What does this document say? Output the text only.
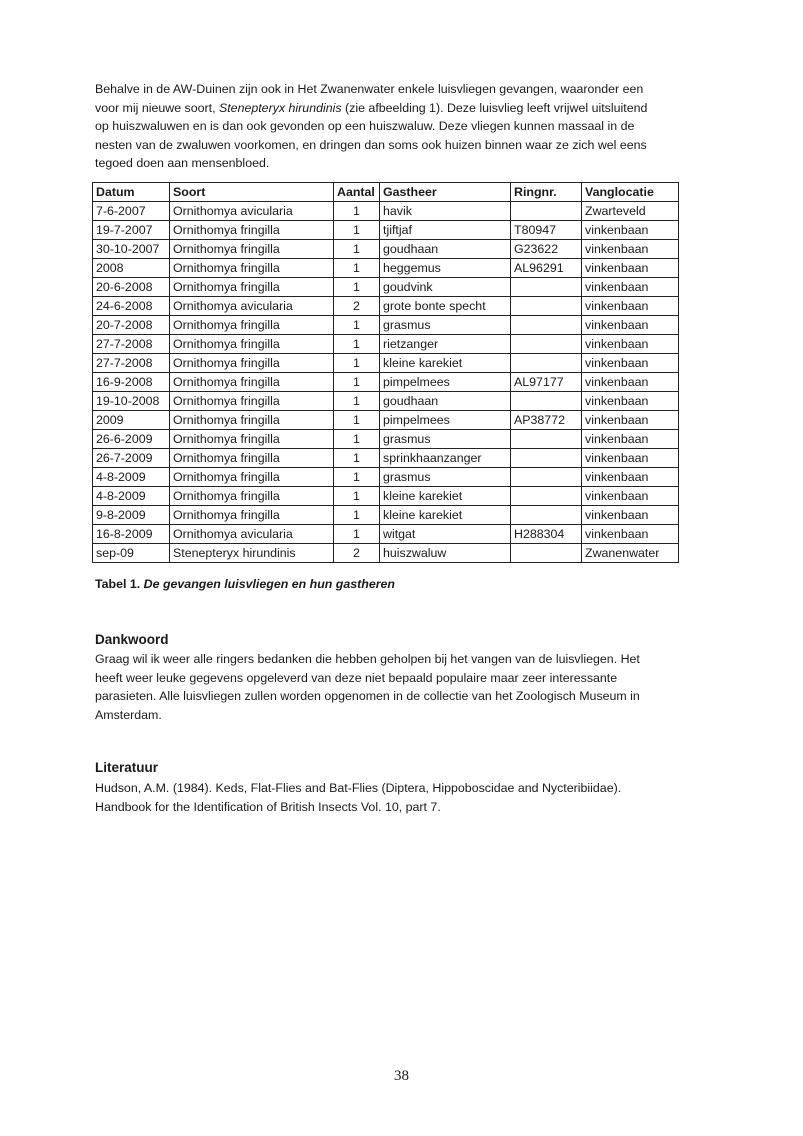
Behalve in de AW-Duinen zijn ook in Het Zwanenwater enkele luisvliegen gevangen, waaronder een
voor mij nieuwe soort, Stenepteryx hirundinis (zie afbeelding 1). Deze luisvlieg leeft vrijwel uitsluitend
op huiszwaluwen en is dan ook gevonden op een huiszwaluw. Deze vliegen kunnen massaal in de
nesten van de zwaluwen voorkomen, en dringen dan soms ook huizen binnen waar ze zich wel eens
tegoed doen aan mensenbloed.
Datum	Soort	Aantal	Gastheer	Ringnr.	Vanglocatie
7-6-2007	Ornithomya avicularia	1	havik		Zwarteveld
19-7-2007	Ornithomya fringilla	1	tjiftjaf	T80947	vinkenbaan
30-10-2007	Ornithomya fringilla	1	goudhaan	G23622	vinkenbaan
2008	Ornithomya fringilla	1	heggemus	AL96291	vinkenbaan
20-6-2008	Ornithomya fringilla	1	goudvink		vinkenbaan
24-6-2008	Ornithomya avicularia	2	grote bonte specht		vinkenbaan
20-7-2008	Ornithomya fringilla	1	grasmus		vinkenbaan
27-7-2008	Ornithomya fringilla	1	rietzanger		vinkenbaan
27-7-2008	Ornithomya fringilla	1	kleine karekiet		vinkenbaan
16-9-2008	Ornithomya fringilla	1	pimpelmees	AL97177	vinkenbaan
19-10-2008	Ornithomya fringilla	1	goudhaan		vinkenbaan
2009	Ornithomya fringilla	1	pimpelmees	AP38772	vinkenbaan
26-6-2009	Ornithomya fringilla	1	grasmus		vinkenbaan
26-7-2009	Ornithomya fringilla	1	sprinkhaanzanger		vinkenbaan
4-8-2009	Ornithomya fringilla	1	grasmus		vinkenbaan
4-8-2009	Ornithomya fringilla	1	kleine karekiet		vinkenbaan
9-8-2009	Ornithomya fringilla	1	kleine karekiet		vinkenbaan
16-8-2009	Ornithomya avicularia	1	witgat	H288304	vinkenbaan
sep-09	Stenepteryx hirundinis	2	huiszwaluw		Zwanenwater
Tabel 1. De gevangen luisvliegen en hun gastheren
Dankwoord

Graag wil ik weer alle ringers bedanken die hebben geholpen bij het vangen van de luisvliegen. Het
heeft weer leuke gegevens opgeleverd van deze niet bepaald populaire maar zeer interessante
parasieten. Alle luisvliegen zullen worden opgenomen in de collectie van het Zoologisch Museum in
Amsterdam.

Literatuur

Hudson, A.M. (1984). Keds, Flat-Flies and Bat-Flies (Diptera, Hippoboscidae and Nycteribiidae).
Handbook for the Identification of British Insects Vol. 10, part 7.

38
